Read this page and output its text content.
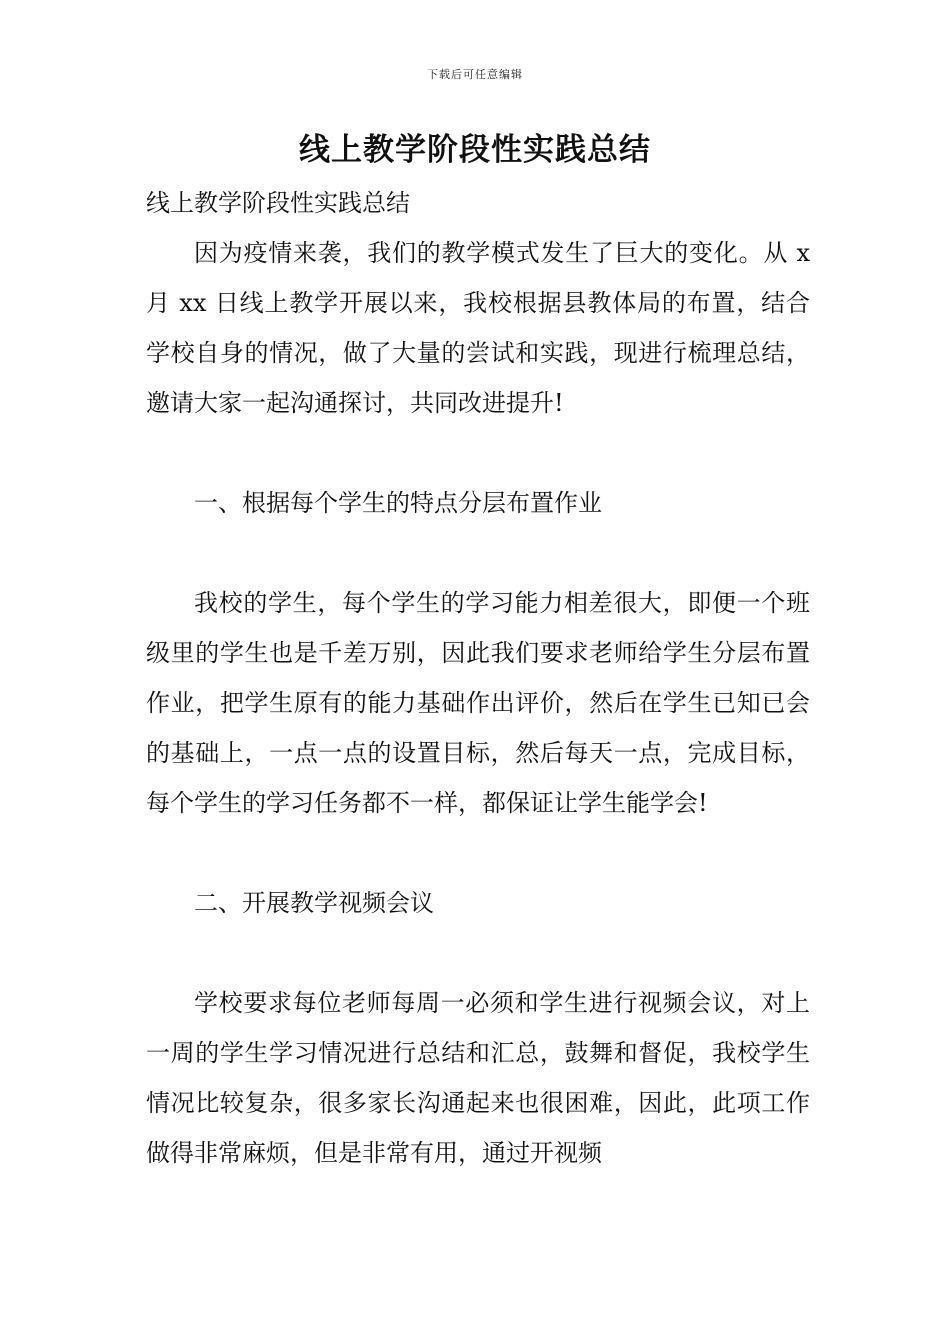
下载后可任意编辑
线上教学阶段性实践总结

线上教学阶段性实践总结

因为疫情来袭，我们的教学模式发生了巨大的变化。从 x 月 xx 日线上教学开展以来，我校根据县教体局的布置，结合学校自身的情况，做了大量的尝试和实践，现进行梳理总结，邀请大家一起沟通探讨，共同改进提升!

一、根据每个学生的特点分层布置作业

我校的学生，每个学生的学习能力相差很大，即便一个班级里的学生也是千差万别，因此我们要求老师给学生分层布置作业，把学生原有的能力基础作出评价，然后在学生已知已会的基础上，一点一点的设置目标，然后每天一点，完成目标，每个学生的学习任务都不一样，都保证让学生能学会!

二、开展教学视频会议

学校要求每位老师每周一必须和学生进行视频会议，对上一周的学生学习情况进行总结和汇总，鼓舞和督促，我校学生情况比较复杂，很多家长沟通起来也很困难，因此，此项工作做得非常麻烦，但是非常有用，通过开视频
